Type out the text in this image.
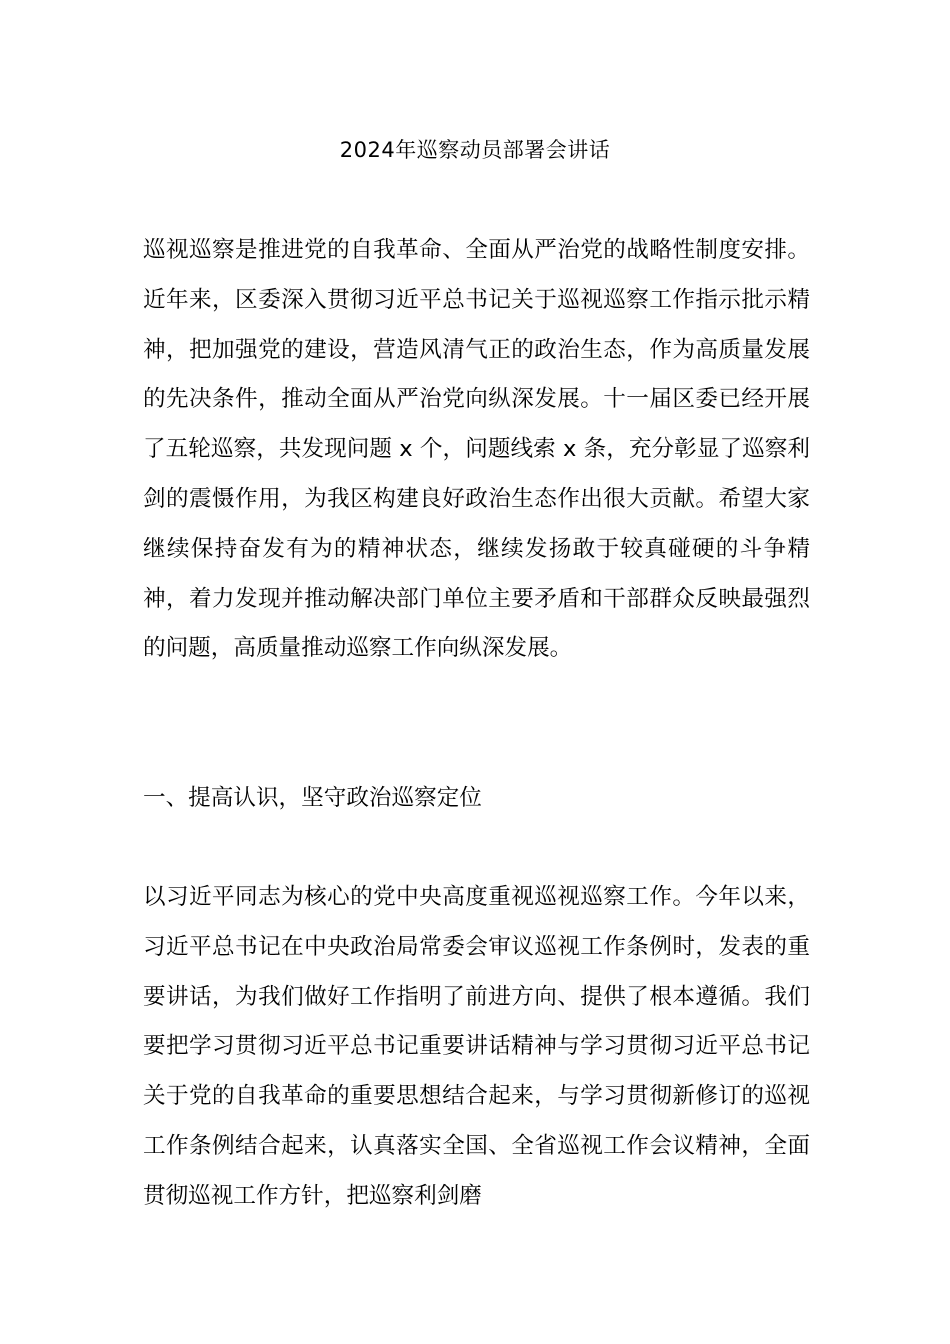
2024年巡察动员部署会讲话

巡视巡察是推进党的自我革命、全面从严治党的战略性制度安排。近年来，区委深入贯彻习近平总书记关于巡视巡察工作指示批示精神，把加强党的建设，营造风清气正的政治生态，作为高质量发展的先决条件，推动全面从严治党向纵深发展。十一届区委已经开展了五轮巡察，共发现问题 x 个，问题线索 x 条，充分彰显了巡察利剑的震慑作用，为我区构建良好政治生态作出很大贡献。希望大家继续保持奋发有为的精神状态，继续发扬敢于较真碰硬的斗争精神，着力发现并推动解决部门单位主要矛盾和干部群众反映最强烈的问题，高质量推动巡察工作向纵深发展。

一、提高认识，坚守政治巡察定位

以习近平同志为核心的党中央高度重视巡视巡察工作。今年以来，习近平总书记在中央政治局常委会审议巡视工作条例时，发表的重要讲话，为我们做好工作指明了前进方向、提供了根本遵循。我们要把学习贯彻习近平总书记重要讲话精神与学习贯彻习近平总书记关于党的自我革命的重要思想结合起来，与学习贯彻新修订的巡视工作条例结合起来，认真落实全国、全省巡视工作会议精神，全面贯彻巡视工作方针，把巡察利剑磨
